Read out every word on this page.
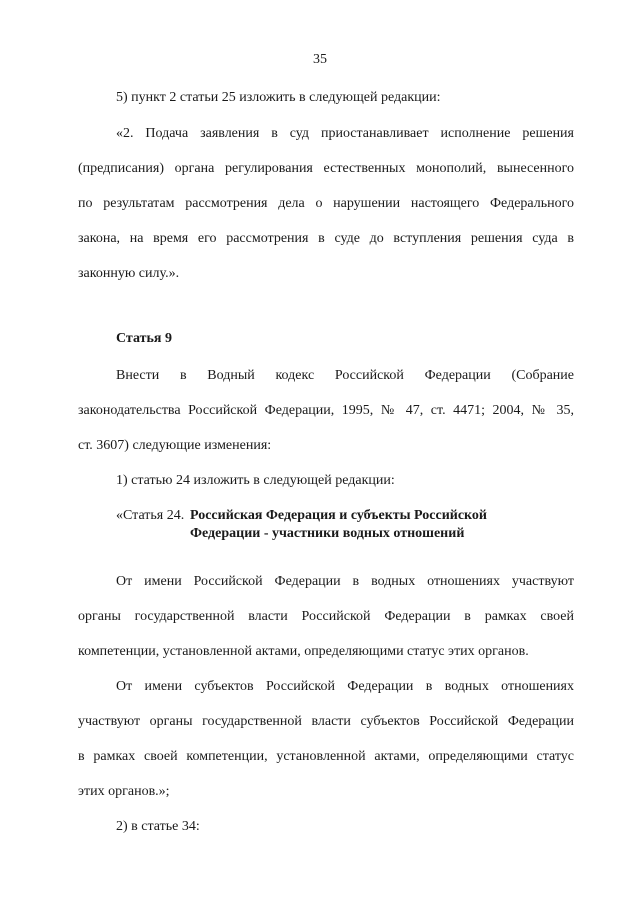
35
5) пункт 2 статьи 25 изложить в следующей редакции:
«2. Подача заявления в суд приостанавливает исполнение решения
(предписания) органа регулирования естественных монополий, вынесенного
по результатам рассмотрения дела о нарушении настоящего Федерального
закона, на время его рассмотрения в суде до вступления решения суда в
законную силу.».
Статья 9
Внести в Водный кодекс Российской Федерации (Собрание
законодательства Российской Федерации, 1995, № 47, ст. 4471; 2004, № 35,
ст. 3607) следующие изменения:
1) статью 24 изложить в следующей редакции:
«Статья 24. Российская Федерация и субъекты Российской
Федерации - участники водных отношений
От имени Российской Федерации в водных отношениях участвуют
органы государственной власти Российской Федерации в рамках своей
компетенции, установленной актами, определяющими статус этих органов.
От имени субъектов Российской Федерации в водных отношениях
участвуют органы государственной власти субъектов Российской Федерации
в рамках своей компетенции, установленной актами, определяющими статус
этих органов.»;
2) в статье 34:
